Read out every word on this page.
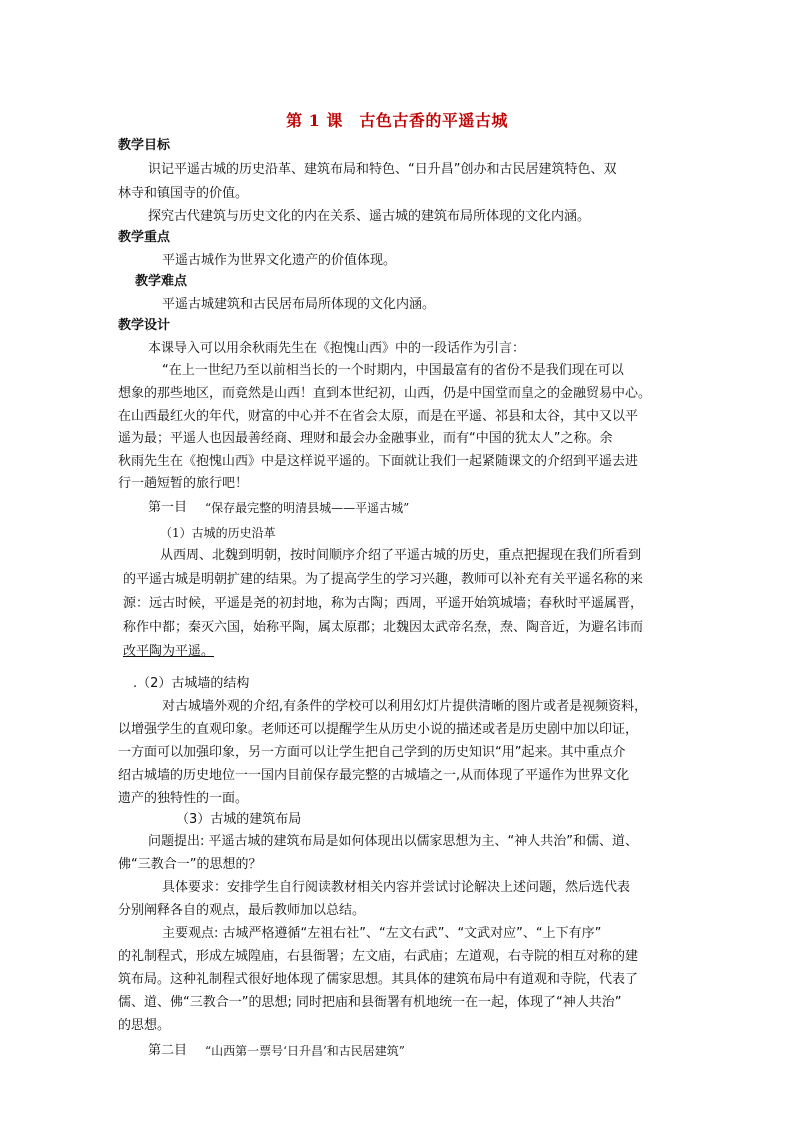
第 1 课　古色古香的平遥古城
教学目标
识记平遥古城的历史沿革、建筑布局和特色、“日升昌”创办和古民居建筑特色、双
林寺和镇国寺的价值。
探究古代建筑与历史文化的内在关系、遥古城的建筑布局所体现的文化内涵。
教学重点
平遥古城作为世界文化遗产的价值体现。
教学难点
平遥古城建筑和古民居布局所体现的文化内涵。
教学设计
本课导入可以用余秋雨先生在《抱愧山西》中的一段话作为引言：
“在上一世纪乃至以前相当长的一个时期内，中国最富有的省份不是我们现在可以
想象的那些地区，而竟然是山西！直到本世纪初，山西，仍是中国堂而皇之的金融贸易中心。
在山西最红火的年代，财富的中心并不在省会太原，而是在平遥、祁县和太谷，其中又以平
遥为最；平遥人也因最善经商、理财和最会办金融事业，而有“中国的犹太人”之称。余
秋雨先生在《抱愧山西》中是这样说平遥的。下面就让我们一起紧随课文的介绍到平遥去进
行一趟短暂的旅行吧！
第一目 “保存最完整的明清县城——平遥古城”
（1）古城的历史沿革
从西周、北魏到明朝，按时间顺序介绍了平遥古城的历史，重点把握现在我们所看到
的平遥古城是明朝扩建的结果。为了提高学生的学习兴趣，教师可以补充有关平遥名称的来
源：远古时候，平遥是尧的初封地，称为古陶；西周，平遥开始筑城墙；春秋时平遥属晋，
称作中都；秦灭六国，始称平陶，属太原郡；北魏因太武帝名焘，焘、陶音近，为避名讳而
改平陶为平遥。
.（2）古城墙的结构
对古城墙外观的介绍,有条件的学校可以利用幻灯片提供清晰的图片或者是视频资料，
以增强学生的直观印象。老师还可以提醒学生从历史小说的描述或者是历史剧中加以印证，
一方面可以加强印象，另一方面可以让学生把自己学到的历史知识“用”起来。其中重点介
绍古城墙的历史地位一一国内目前保存最完整的古城墙之一,从而体现了平遥作为世界文化
遗产的独特性的一面。
（3）古城的建筑布局
问题提出: 平遥古城的建筑布局是如何体现出以儒家思想为主、“神人共治”和儒、道、
佛“三教合一”的思想的？
具体要求：安排学生自行阅读教材相关内容并尝试讨论解决上述问题，然后选代表
分别阐释各自的观点，最后教师加以总结。
主要观点: 古城严格遵循“左祖右社”、“左文右武”、“文武对应”、“上下有序”
的礼制程式，形成左城隍庙，右县衙署；左文庙，右武庙；左道观，右寺院的相互对称的建
筑布局。这种礼制程式很好地体现了儒家思想。其具体的建筑布局中有道观和寺院，代表了
儒、道、佛“三教合一”的思想; 同时把庙和县衙署有机地统一在一起，体现了“神人共治”
的思想。
第二目 “山西第一票号‘日升昌’和古民居建筑”
